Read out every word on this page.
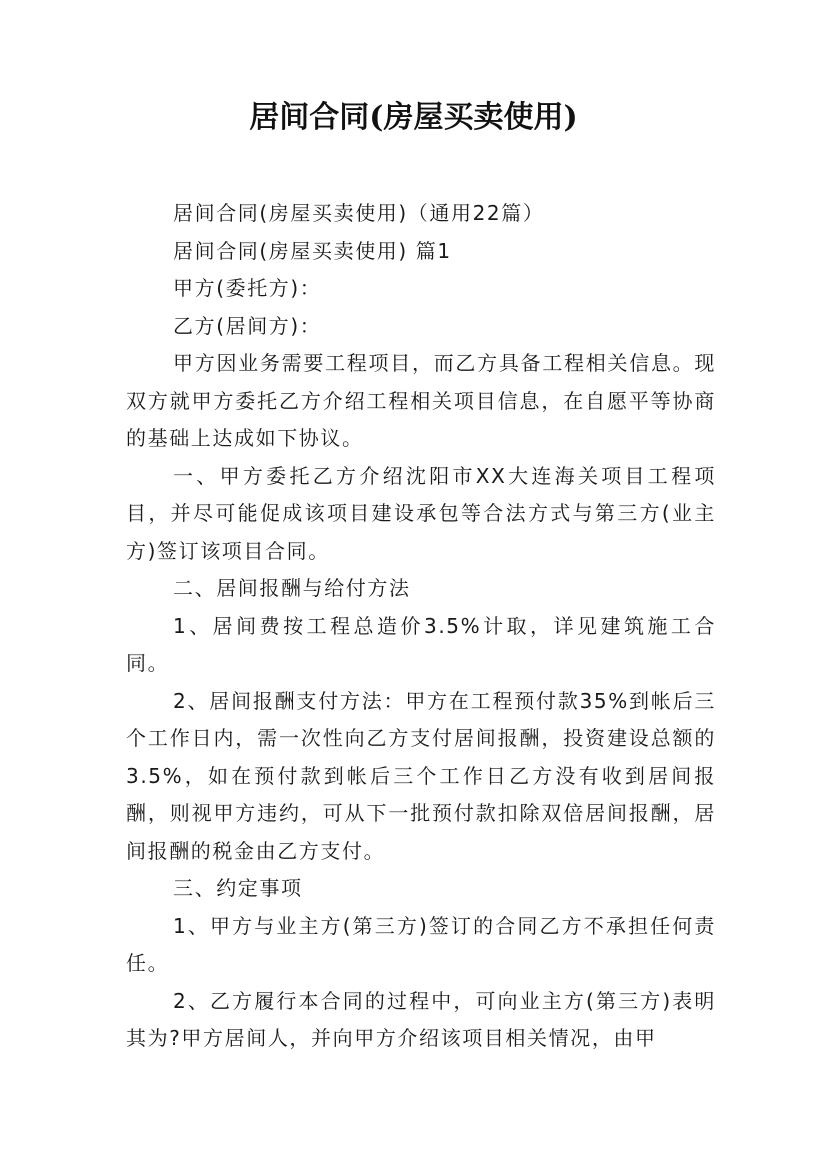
居间合同(房屋买卖使用)

居间合同(房屋买卖使用)（通用22篇）

居间合同(房屋买卖使用) 篇1

甲方(委托方)：

乙方(居间方)：

甲方因业务需要工程项目，而乙方具备工程相关信息。现双方就甲方委托乙方介绍工程相关项目信息，在自愿平等协商的基础上达成如下协议。

一、甲方委托乙方介绍沈阳市XX大连海关项目工程项目，并尽可能促成该项目建设承包等合法方式与第三方(业主方)签订该项目合同。

二、居间报酬与给付方法

1、居间费按工程总造价3.5%计取，详见建筑施工合同。

2、居间报酬支付方法：甲方在工程预付款35%到帐后三个工作日内，需一次性向乙方支付居间报酬，投资建设总额的3.5%，如在预付款到帐后三个工作日乙方没有收到居间报酬，则视甲方违约，可从下一批预付款扣除双倍居间报酬，居间报酬的税金由乙方支付。

三、约定事项

1、甲方与业主方(第三方)签订的合同乙方不承担任何责任。

2、乙方履行本合同的过程中，可向业主方(第三方)表明其为?甲方居间人，并向甲方介绍该项目相关情况，由甲
